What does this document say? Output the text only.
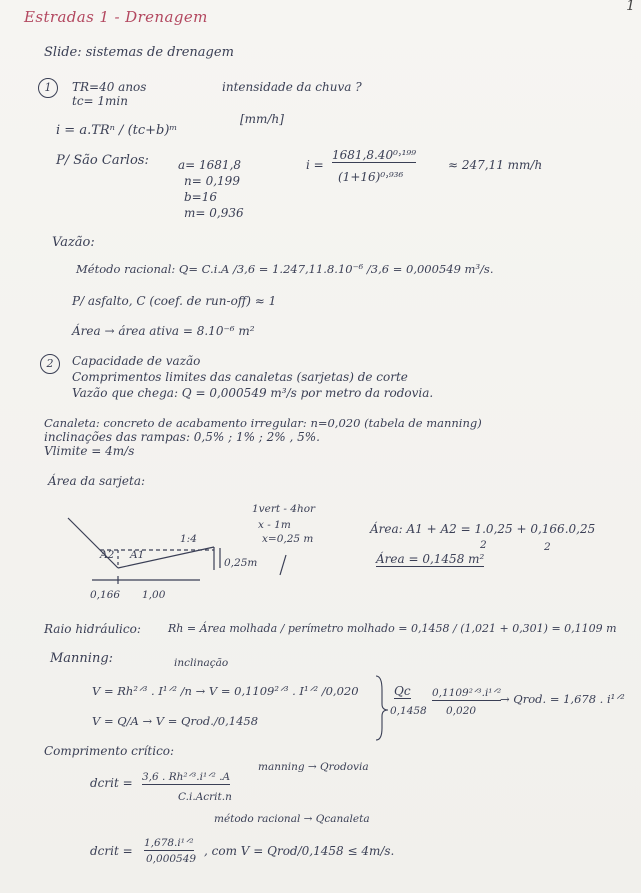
1
Estradas 1 - Drenagem
Slide: sistemas de drenagem
1	TR=40 anos
tc= 1min
intensidade da chuva ?
[mm/h]
i = a.TRⁿ / (tc+b)ᵐ
P/ São Carlos: a= 1681,8
n= 0,199
b=16
m= 0,936
i =
1681,8.40⁰˒¹⁹⁹
(1+16)⁰˒⁹³⁶
≈ 247,11 mm/h
Vazão:
Método racional: Q= C.i.A /3,6 = 1.247,11.8.10⁻⁶ /3,6 = 0,000549 m³/s.
P/ asfalto, C (coef. de run-off) ≈ 1
Área → área ativa = 8.10⁻⁶ m²
2	Capacidade de vazão
Comprimentos limites das canaletas (sarjetas) de corte
Vazão que chega: Q = 0,000549 m³/s por metro da rodovia.
Canaleta: concreto de acabamento irregular: n=0,020 (tabela de manning)
inclinações das rampas: 0,5% ; 1% ; 2% , 5%.
Vlimite = 4m/s
Área da sarjeta:
1vert - 4hor
x - 1m
x=0,25 m
1:4
A2 A1
0,25m
0,166 1,00
Área: A1 + A2 = 1.0,25 + 0,166.0,25
2	2
Área = 0,1458 m²
Raio hidráulico: Rh = Área molhada / perímetro molhado = 0,1458 / (1,021 + 0,301) = 0,1109 m
Manning:	inclinação
V = Rh²ᐟ³ . I¹ᐟ² /n → V = 0,1109²ᐟ³ . I¹ᐟ² /0,020
V = Q/A → V = Qrod./0,1458
Qc
0,1458
0,1109²ᐟ³.i¹ᐟ²
0,020
→ Qrod. = 1,678 . i¹ᐟ²
Comprimento crítico:
dcrit = 3,6 . Rh²ᐟ³.i¹ᐟ² .A
C.i.Acrit.n
manning → Qrodovia
método racional → Qcanaleta
dcrit =
1,678.i¹ᐟ²
0,000549
, com V = Qrod/0,1458 ≤ 4m/s.
